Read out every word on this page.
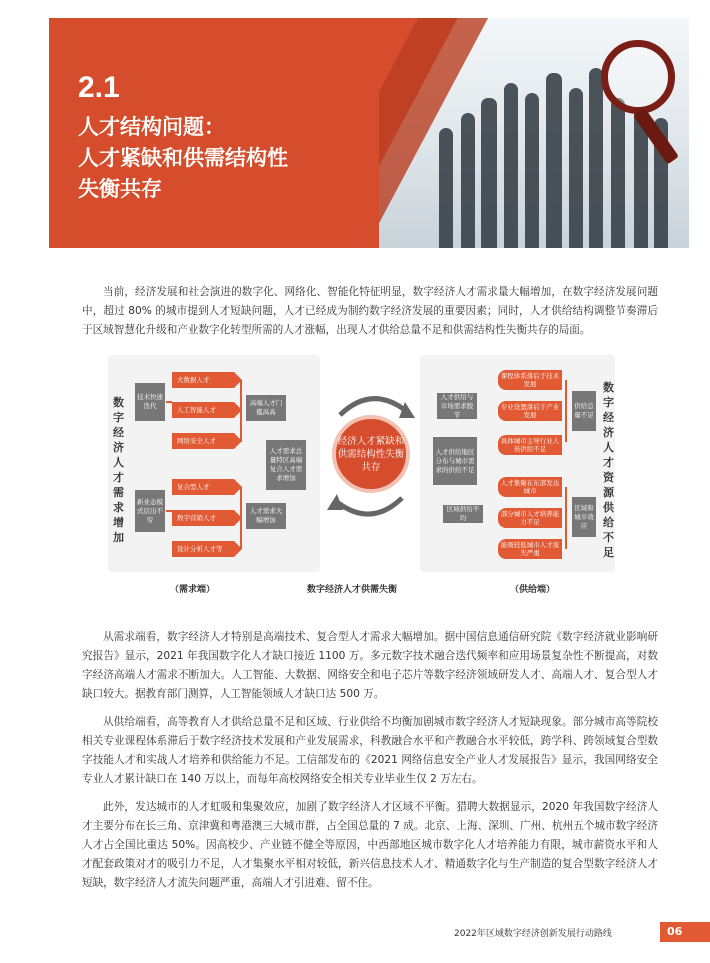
2.1
人才结构问题：
人才紧缺和供需结构性
失衡共存

当前，经济发展和社会演进的数字化、网络化、智能化特征明显，数字经济人才需求量大幅增加，在数字经济发展问题中，超过 80% 的城市提到人才短缺问题，人才已经成为制约数字经济发展的重要因素；同时，人才供给结构调整节奏滞后于区域智慧化升级和产业数字化转型所需的人才涨幅，出现人才供给总量不足和供需结构性失衡共存的局面。

数字经济人才需求增加
技术快速迭代
新业态模式层出不穷
大数据人才
人工智能人才
网络安全人才
复合型人才
数字营销人才
设计分析人才等
高端人才门槛高高
人才需求总量特区高端复合人才需求增加
人才需求大幅增加
经济人才紧缺和供需结构性失衡共存
人才供给与市场需求脱节
人才供给地区分布与城市需求的供给不足
区域供给不均
课程体系落后于技术发展
专业设置落后于产业发展
具体城市主导行业人员供给不足
人才集聚在东部发达城市
部分城市人才培养能力不足
能吸较低城市人才流失严重
供给总量不足
区域和城市效应
数字经济人才资源供给不足
（需求端）	数字经济人才供需失衡	（供给端）

从需求端看，数字经济人才特别是高端技术、复合型人才需求大幅增加。据中国信息通信研究院《数字经济就业影响研究报告》显示，2021 年我国数字化人才缺口接近 1100 万。多元数字技术融合迭代频率和应用场景复杂性不断提高，对数字经济高端人才需求不断加大。人工智能、大数据、网络安全和电子芯片等数字经济领域研发人才、高端人才、复合型人才缺口较大。据教育部门测算，人工智能领域人才缺口达 500 万。

从供给端看，高等教育人才供给总量不足和区域、行业供给不均衡加剧城市数字经济人才短缺现象。部分城市高等院校相关专业课程体系滞后于数字经济技术发展和产业发展需求，科教融合水平和产教融合水平较低，跨学科、跨领域复合型数字技能人才和实战人才培养和供给能力不足。工信部发布的《2021 网络信息安全产业人才发展报告》显示，我国网络安全专业人才累计缺口在 140 万以上，而每年高校网络安全相关专业毕业生仅 2 万左右。

此外，发达城市的人才虹吸和集聚效应，加剧了数字经济人才区域不平衡。猎聘大数据显示，2020 年我国数字经济人才主要分布在长三角、京津冀和粤港澳三大城市群，占全国总量的 7 成。北京、上海、深圳、广州、杭州五个城市数字经济人才占全国比重达 50%。因高校少、产业链不健全等原因，中西部地区城市数字化人才培养能力有限，城市薪资水平和人才配套政策对才的吸引力不足，人才集聚水平相对较低，新兴信息技术人才、精通数字化与生产制造的复合型数字经济人才短缺，数字经济人才流失问题严重，高端人才引进难、留不住。

2022年区域数字经济创新发展行动路线	06
